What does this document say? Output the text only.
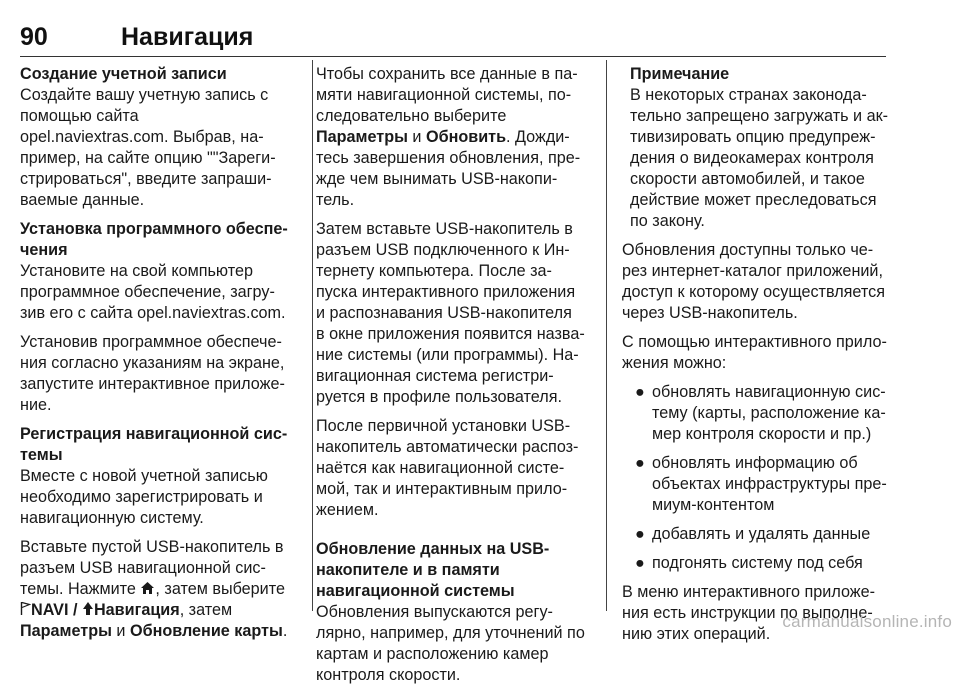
90	Навигация
Создание учетной записи
Создайте вашу учетную запись с
помощью сайта
opel.naviextras.com. Выбрав, на-
пример, на сайте опцию ""Зареги-
стрироваться", введите запраши-
ваемые данные.
Установка программного обеспе-
чения
Установите на свой компьютер
программное обеспечение, загру-
зив его с сайта opel.naviextras.com.
Установив программное обеспече-
ния согласно указаниям на экране,
запустите интерактивное приложе-
ние.
Регистрация навигационной сис-
темы
Вместе с новой учетной записью
необходимо зарегистрировать и
навигационную систему.
Вставьте пустой USB-накопитель в
разъем USB навигационной сис-
темы. Нажмите , затем выберите
NAVI / Навигация, затем
Параметры и Обновление карты.
Чтобы сохранить все данные в па-
мяти навигационной системы, по-
следовательно выберите
Параметры и Обновить. Дожди-
тесь завершения обновления, пре-
жде чем вынимать USB-накопи-
тель.
Затем вставьте USB-накопитель в
разъем USB подключенного к Ин-
тернету компьютера. После за-
пуска интерактивного приложения
и распознавания USB-накопителя
в окне приложения появится назва-
ние системы (или программы). На-
вигационная система регистри-
руется в профиле пользователя.
После первичной установки USB-
накопитель автоматически распоз-
наётся как навигационной систе-
мой, так и интерактивным прило-
жением.
Обновление данных на USB-
накопителе и в памяти
навигационной системы
Обновления выпускаются регу-
лярно, например, для уточнений по
картам и расположению камер
контроля скорости.
Примечание
В некоторых странах законода-
тельно запрещено загружать и ак-
тивизировать опцию предупреж-
дения о видеокамерах контроля
скорости автомобилей, и такое
действие может преследоваться
по закону.
Обновления доступны только че-
рез интернет-каталог приложений,
доступ к которому осуществляется
через USB-накопитель.
С помощью интерактивного прило-
жения можно:
● обновлять навигационную сис-
тему (карты, расположение ка-
мер контроля скорости и пр.)
● обновлять информацию об
объектах инфраструктуры пре-
миум-контентом
● добавлять и удалять данные
● подгонять систему под себя
В меню интерактивного приложе-
ния есть инструкции по выполне-
нию этих операций.
carmanualsonline.info
